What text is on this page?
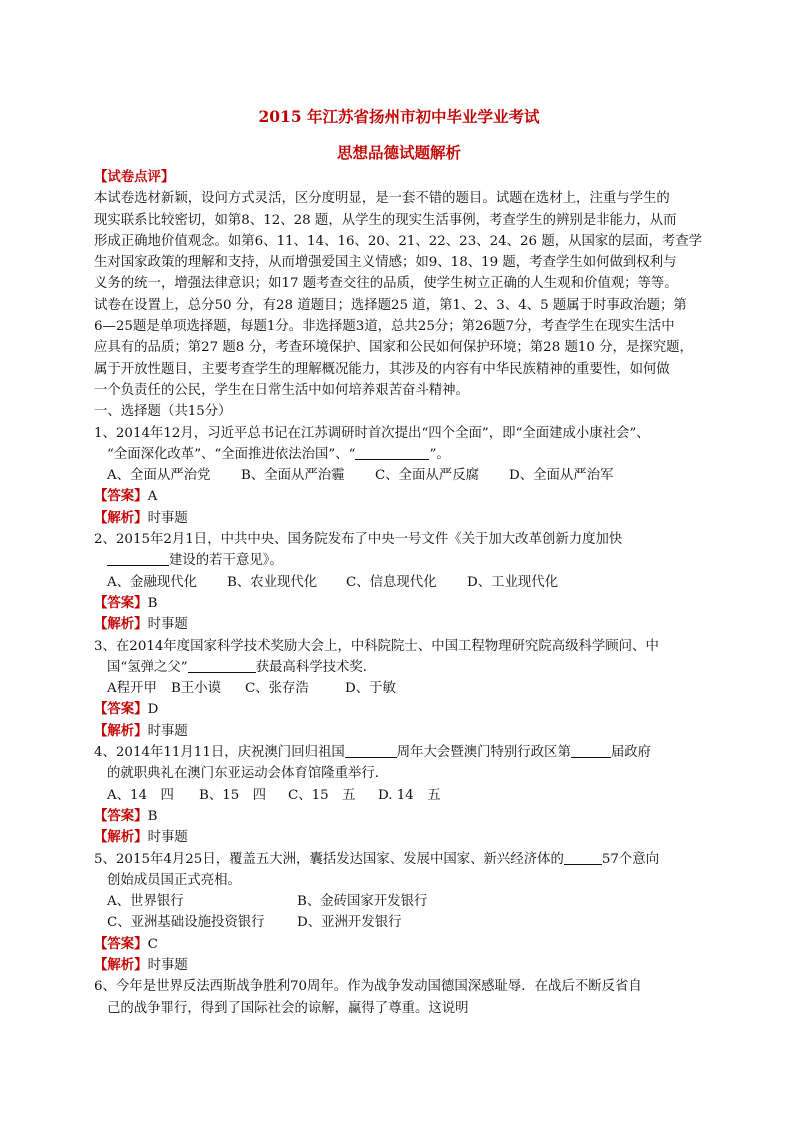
2015 年江苏省扬州市初中毕业学业考试
思想品德试题解析
【试卷点评】
本试卷选材新颖，设问方式灵活，区分度明显，是一套不错的题目。试题在选材上，注重与学生的
现实联系比较密切，如第8、12、28 题，从学生的现实生活事例，考查学生的辨别是非能力，从而
形成正确地价值观念。如第6、11、14、16、20、21、22、23、24、26 题，从国家的层面，考查学
生对国家政策的理解和支持，从而增强爱国主义情感；如9、18、19 题，考查学生如何做到权利与
义务的统一，增强法律意识；如17 题考查交往的品质，使学生树立正确的人生观和价值观；等等。
试卷在设置上，总分50 分，有28 道题目；选择题25 道，第1、2、3、4、5 题属于时事政治题；第
6—25题是单项选择题，每题1分。非选择题3道，总共25分；第26题7分，考查学生在现实生活中
应具有的品质；第27 题8 分，考查环境保护、国家和公民如何保护环境；第28 题10 分，是探究题，
属于开放性题目，主要考查学生的理解概况能力，其涉及的内容有中华民族精神的重要性，如何做
一个负责任的公民，学生在日常生活中如何培养艰苦奋斗精神。
一、选择题（共15分）
1、2014年12月，习近平总书记在江苏调研时首次提出“四个全面”，即“全面建成小康社会”、
“全面深化改革”、“全面推进依法治国”、“	”。
A、全面从严治党	B、全面从严治霾	C、全面从严反腐	D、全面从严治军
【答案】A
【解析】时事题
2、2015年2月1日，中共中央、国务院发布了中央一号文件《关于加大改革创新力度加快
建设的若干意见》。
A、金融现代化	B、农业现代化	C、信息现代化	D、工业现代化
【答案】B
【解析】时事题
3、在2014年度国家科学技术奖励大会上，中科院院士、中国工程物理研究院高级科学顾问、中
国“氢弹之父”	获最高科学技术奖．
A程开甲	B王小谟	C、张存浩	D、于敏
【答案】D
【解析】时事题
4、2014年11月11日，庆祝澳门回归祖国	周年大会暨澳门特别行政区第	届政府
的就职典礼在澳门东亚运动会体育馆隆重举行．
A、14　四	B、15　四	C、15　五	D. 14　五
【答案】B
【解析】时事题
5、2015年4月25日，覆盖五大洲，囊括发达国家、发展中国家、新兴经济体的	57个意向
创始成员国正式亮相。
A、世界银行	B、金砖国家开发银行
C、亚洲基础设施投资银行	D、亚洲开发银行
【答案】C
【解析】时事题
6、今年是世界反法西斯战争胜利70周年。作为战争发动国德国深感耻辱．在战后不断反省自
己的战争罪行，得到了国际社会的谅解，赢得了尊重。这说明
